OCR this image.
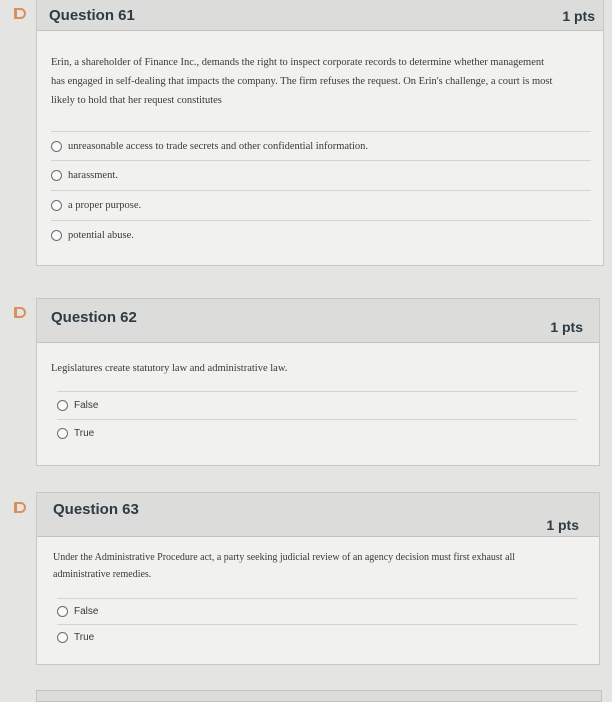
Question 61	1 pts
Erin, a shareholder of Finance Inc., demands the right to inspect corporate records to determine whether management
has engaged in self-dealing that impacts the company. The firm refuses the request. On Erin's challenge, a court is most
likely to hold that her request constitutes
unreasonable access to trade secrets and other confidential information.
harassment.
a proper purpose.
potential abuse.
Question 62
1 pts
Legislatures create statutory law and administrative law.
False
True
Question 63
1 pts
Under the Administrative Procedure act, a party seeking judicial review of an agency decision must first exhaust all
administrative remedies.
False
True
